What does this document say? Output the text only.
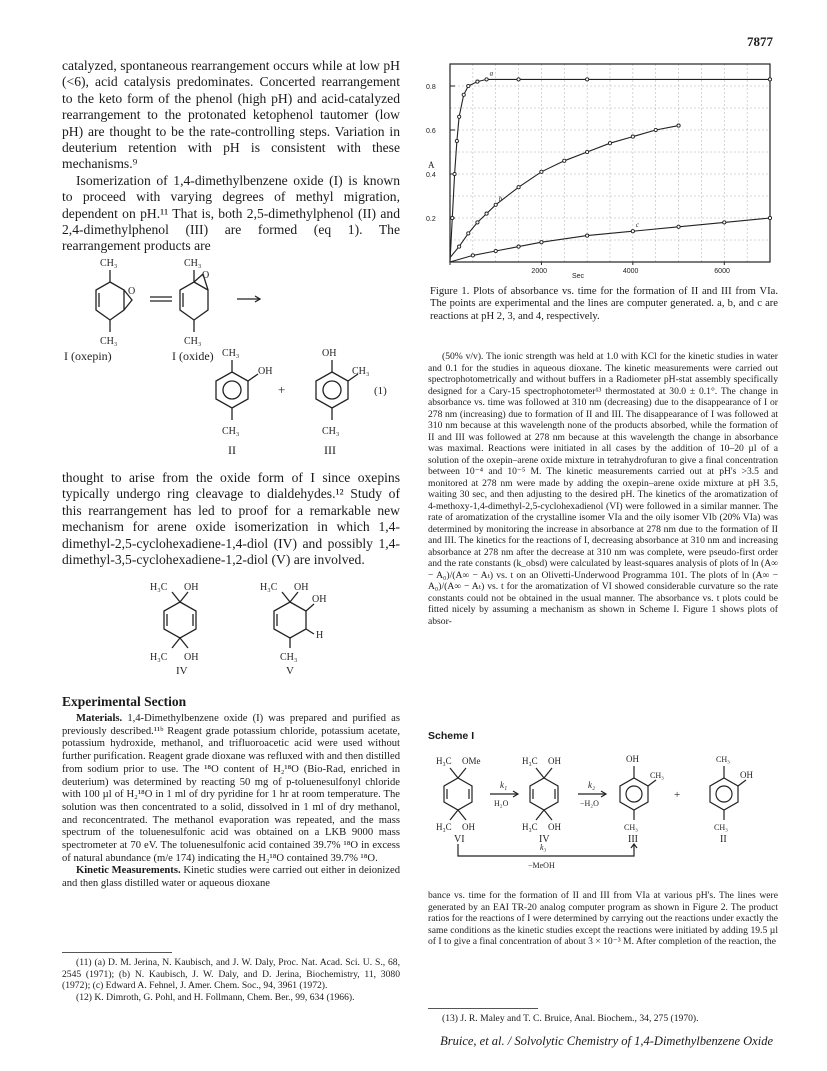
7877

catalyzed, spontaneous rearrangement occurs while at low pH (<6), acid catalysis predominates. Concerted rearrangement to the keto form of the phenol (high pH) and acid-catalyzed rearrangement to the protonated ketophenol tautomer (low pH) are thought to be the rate-controlling steps. Variation in deuterium retention with pH is consistent with these mechanisms.⁹

Isomerization of 1,4-dimethylbenzene oxide (I) is known to proceed with varying degrees of methyl migration, dependent on pH.¹¹ That is, both 2,5-dimethylphenol (II) and 2,4-dimethylphenol (III) are formed (eq 1). The rearrangement products are

CH₃
O
CH₃
CH₃
O
CH₃
I (oxepin)	I (oxide) CH₃
OH
CH₃
II
+
OH
CH₃
CH₃
III
(1)

thought to arise from the oxide form of I since oxepins typically undergo ring cleavage to dialdehydes.¹² Study of this rearrangement has led to proof for a remarkable new mechanism for arene oxide isomerization in which 1,4-dimethyl-2,5-cyclohexadiene-1,4-diol (IV) and possibly 1,4-dimethyl-3,5-cyclohexadiene-1,2-diol (V) are involved.

H₃C OH
H₃C OH
IV
H₃C OH
OH
H
CH₃
V
Experimental Section

Materials. 1,4-Dimethylbenzene oxide (I) was prepared and purified as previously described.¹¹ᵇ Reagent grade potassium chloride, potassium acetate, potassium hydroxide, methanol, and trifluoroacetic acid were used without further purification. Reagent grade dioxane was refluxed with and then distilled from sodium prior to use. The ¹⁸O content of H₂¹⁸O (Bio-Rad, enriched in deuterium) was determined by reacting 50 mg of p-toluenesulfonyl chloride with 100 µl of H₂¹⁸O in 1 ml of dry pyridine for 1 hr at room temperature. The solution was then concentrated to a solid, dissolved in 1 ml of dry methanol, and reconcentrated. The methanol evaporation was repeated, and the mass spectrum of the toluenesulfonic acid was obtained on a LKB 9000 mass spectrometer at 70 eV. The toluenesulfonic acid contained 39.7% ¹⁸O in excess of natural abundance (m/e 174) indicating the H₂¹⁸O contained 39.7% ¹⁸O.

Kinetic Measurements. Kinetic studies were carried out either in deionized and then glass distilled water or aqueous dioxane

(11) (a) D. M. Jerina, N. Kaubisch, and J. W. Daly, Proc. Nat. Acad. Sci. U. S., 68, 2545 (1971); (b) N. Kaubisch, J. W. Daly, and D. Jerina, Biochemistry, 11, 3080 (1972); (c) Edward A. Fehnel, J. Amer. Chem. Soc., 94, 3961 (1972).

(12) K. Dimroth, G. Pohl, and H. Follmann, Chem. Ber., 99, 634 (1966).

0.2
0.4
0.6
0.8
2000	4000	6000
a
b
c
A
Sec
Figure 1. Plots of absorbance vs. time for the formation of II and III from VIa. The points are experimental and the lines are computer generated. a, b, and c are reactions at pH 2, 3, and 4, respectively.

(50% v/v). The ionic strength was held at 1.0 with KCl for the kinetic studies in water and 0.1 for the studies in aqueous dioxane. The kinetic measurements were carried out spectrophotometrically and without buffers in a Radiometer pH-stat assembly specifically designed for a Cary-15 spectrophotometer¹³ thermostated at 30.0 ± 0.1°. The change in absorbance vs. time was followed at 310 nm (decreasing) due to the disappearance of I or 278 nm (increasing) due to formation of II and III. The disappearance of I was followed at 310 nm because at this wavelength none of the products absorbed, while the formation of II and III was followed at 278 nm because at this wavelength the change in absorbance was maximal. Reactions were initiated in all cases by the addition of 10–20 µl of a solution of the oxepin–arene oxide mixture in tetrahydrofuran to give a final concentration between 10⁻⁴ and 10⁻⁵ M. The kinetic measurements carried out at pH's >3.5 and monitored at 278 nm were made by adding the oxepin–arene oxide mixture at pH 3.5, waiting 30 sec, and then adjusting to the desired pH. The kinetics of the aromatization of 4-methoxy-1,4-dimethyl-2,5-cyclohexadienol (VI) were followed in a similar manner. The rate of aromatization of the crystalline isomer VIa and the oily isomer VIb (20% VIa) was determined by monitoring the increase in absorbance at 278 nm due to the formation of II and III. The kinetics for the reactions of I, decreasing absorbance at 310 nm and increasing absorbance at 278 nm after the decrease at 310 nm was complete, were pseudo-first order and the rate constants (k_obsd) were calculated by least-squares analysis of plots of ln (A∞ − A₀)/(A∞ − Aₜ) vs. t on an Olivetti-Underwood Programma 101. The plots of ln (A∞ − A₀)/(A∞ − Aₜ) vs. t for the aromatization of VI showed considerable curvature so the rate constants could not be obtained in the usual manner. The absorbance vs. t plots could be fitted nicely by assuming a mechanism as shown in Scheme I. Figure 1 shows plots of absor-

Scheme I
H₃C OMe
H₃C OH
VI
k₁
H₂O
H₃C OH
H₃C OH
IV
k₂
−H₂O
OH
CH₃
CH₃
III
+
CH₃
OH
CH₃
II
k₃
−MeOH

bance vs. time for the formation of II and III from VIa at various pH's. The lines were generated by an EAI TR-20 analog computer program as shown in Figure 2. The product ratios for the reactions of I were determined by carrying out the reactions under exactly the same conditions as the kinetic studies except the reactions were initiated by adding 19.5 µl of I to give a final concentration of about 3 × 10⁻³ M. After completion of the reaction, the

(13) J. R. Maley and T. C. Bruice, Anal. Biochem., 34, 275 (1970).

Bruice, et al. / Solvolytic Chemistry of 1,4-Dimethylbenzene Oxide
